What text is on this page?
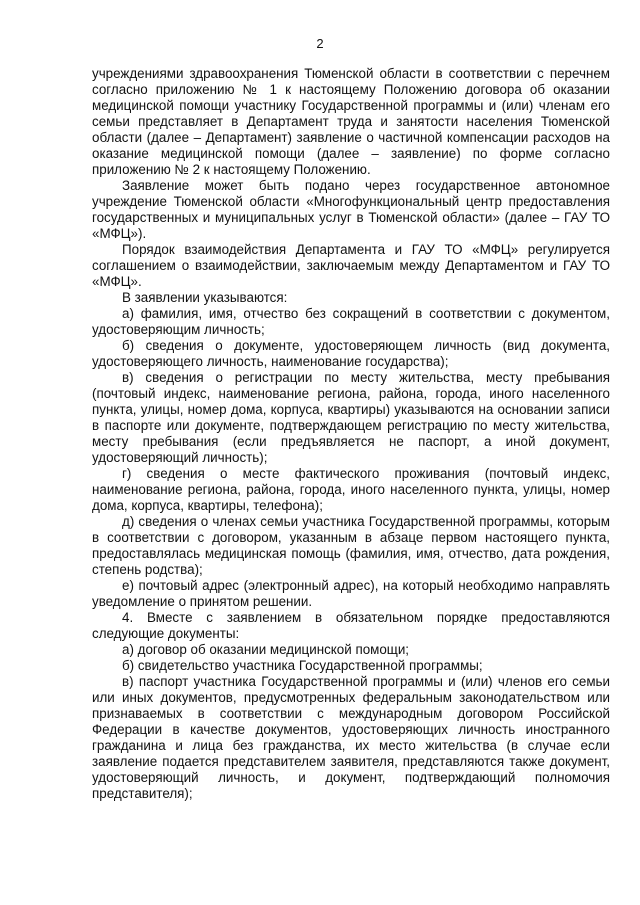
2

учреждениями здравоохранения Тюменской области в соответствии с перечнем согласно приложению № 1 к настоящему Положению договора об оказании медицинской помощи участнику Государственной программы и (или) членам его семьи представляет в Департамент труда и занятости населения Тюменской области (далее – Департамент) заявление о частичной компенсации расходов на оказание медицинской помощи (далее – заявление) по форме согласно приложению № 2 к настоящему Положению.

Заявление может быть подано через государственное автономное учреждение Тюменской области «Многофункциональный центр предоставления государственных и муниципальных услуг в Тюменской области» (далее – ГАУ ТО «МФЦ»).

Порядок взаимодействия Департамента и ГАУ ТО «МФЦ» регулируется соглашением о взаимодействии, заключаемым между Департаментом и ГАУ ТО «МФЦ».

В заявлении указываются:

а) фамилия, имя, отчество без сокращений в соответствии с документом, удостоверяющим личность;

б) сведения о документе, удостоверяющем личность (вид документа, удостоверяющего личность, наименование государства);

в) сведения о регистрации по месту жительства, месту пребывания (почтовый индекс, наименование региона, района, города, иного населенного пункта, улицы, номер дома, корпуса, квартиры) указываются на основании записи в паспорте или документе, подтверждающем регистрацию по месту жительства, месту пребывания (если предъявляется не паспорт, а иной документ, удостоверяющий личность);

г) сведения о месте фактического проживания (почтовый индекс, наименование региона, района, города, иного населенного пункта, улицы, номер дома, корпуса, квартиры, телефона);

д) сведения о членах семьи участника Государственной программы, которым в соответствии с договором, указанным в абзаце первом настоящего пункта, предоставлялась медицинская помощь (фамилия, имя, отчество, дата рождения, степень родства);

е) почтовый адрес (электронный адрес), на который необходимо направлять уведомление о принятом решении.

4. Вместе с заявлением в обязательном порядке предоставляются следующие документы:

а) договор об оказании медицинской помощи;

б) свидетельство участника Государственной программы;

в) паспорт участника Государственной программы и (или) членов его семьи или иных документов, предусмотренных федеральным законодательством или признаваемых в соответствии с международным договором Российской Федерации в качестве документов, удостоверяющих личность иностранного гражданина и лица без гражданства, их место жительства (в случае если заявление подается представителем заявителя, представляются также документ, удостоверяющий личность, и документ, подтверждающий полномочия представителя);
